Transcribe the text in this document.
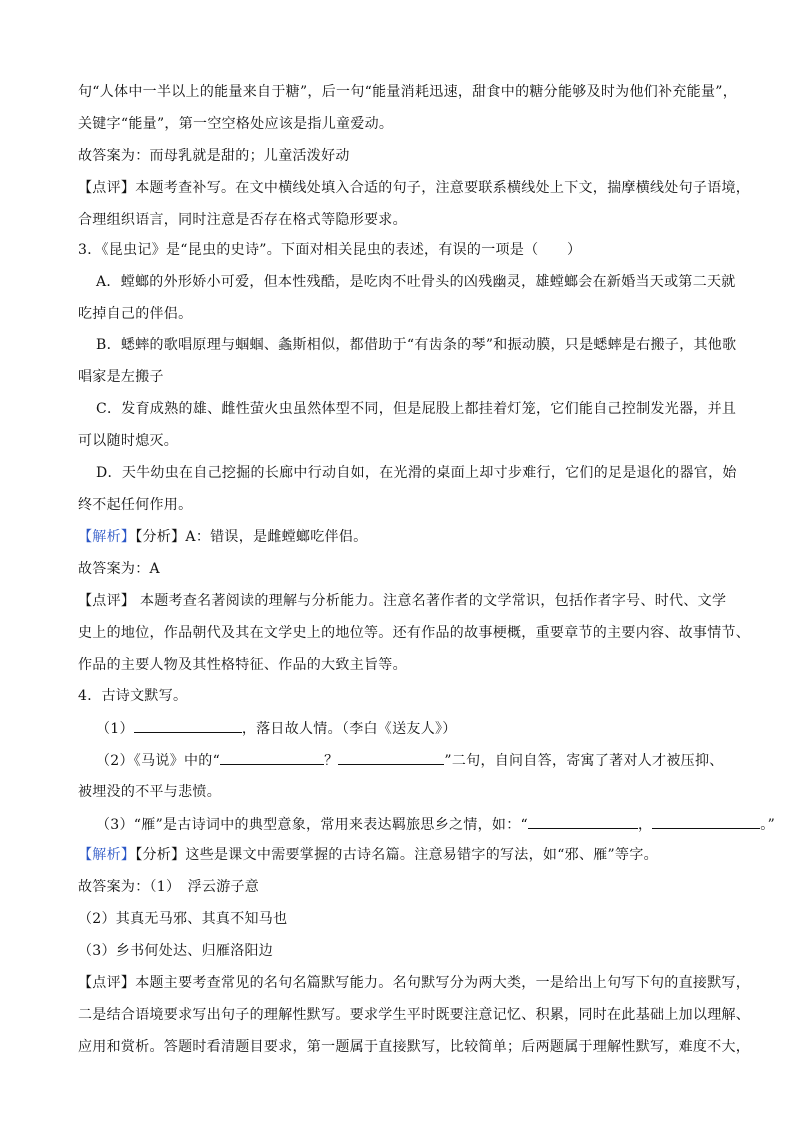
句“人体中一半以上的能量来自于糖”，后一句“能量消耗迅速，甜食中的糖分能够及时为他们补充能量”，
关键字“能量”，第一空空格处应该是指儿童爱动。
故答案为：而母乳就是甜的；儿童活泼好动
【点评】本题考查补写。在文中横线处填入合适的句子，注意要联系横线处上下文，揣摩横线处句子语境，
合理组织语言，同时注意是否存在格式等隐形要求。
3．《昆虫记》是“昆虫的史诗”。下面对相关昆虫的表述，有误的一项是（　　）
A．螳螂的外形娇小可爱，但本性残酷，是吃肉不吐骨头的凶残幽灵，雄螳螂会在新婚当天或第二天就
吃掉自己的伴侣。
B．蟋蟀的歌唱原理与蝈蝈、螽斯相似，都借助于“有齿条的琴”和振动膜，只是蟋蟀是右搬子，其他歌
唱家是左搬子
C．发育成熟的雄、雌性萤火虫虽然体型不同，但是屁股上都挂着灯笼，它们能自己控制发光器，并且
可以随时熄灭。
D．天牛幼虫在自己挖掘的长廊中行动自如，在光滑的桌面上却寸步难行，它们的足是退化的器官，始
终不起任何作用。
【解析】【分析】A：错误，是雌螳螂吃伴侣。
故答案为：A
【点评】 本题考查名著阅读的理解与分析能力。注意名著作者的文学常识，包括作者字号、时代、文学
史上的地位，作品朝代及其在文学史上的地位等。还有作品的故事梗概，重要章节的主要内容、故事情节、
作品的主要人物及其性格特征、作品的大致主旨等。
4．古诗文默写。
（1）	，落日故人情。（李白《送友人》）
（2）《马说》中的“	？	”二句，自问自答，寄寓了著对人才被压抑、
被埋没的不平与悲愤。
（3）“雁”是古诗词中的典型意象，常用来表达羁旅思乡之情，如：“	，	。”
【解析】【分析】这些是课文中需要掌握的古诗名篇。注意易错字的写法，如“邪、雁”等字。
故答案为：（1）　浮云游子意
（2）其真无马邪、其真不知马也
（3）乡书何处达、归雁洛阳边
【点评】本题主要考查常见的名句名篇默写能力。名句默写分为两大类，一是给出上句写下句的直接默写，
二是结合语境要求写出句子的理解性默写。要求学生平时既要注意记忆、积累，同时在此基础上加以理解、
应用和赏析。答题时看清题目要求，第一题属于直接默写，比较简单；后两题属于理解性默写，难度不大，
